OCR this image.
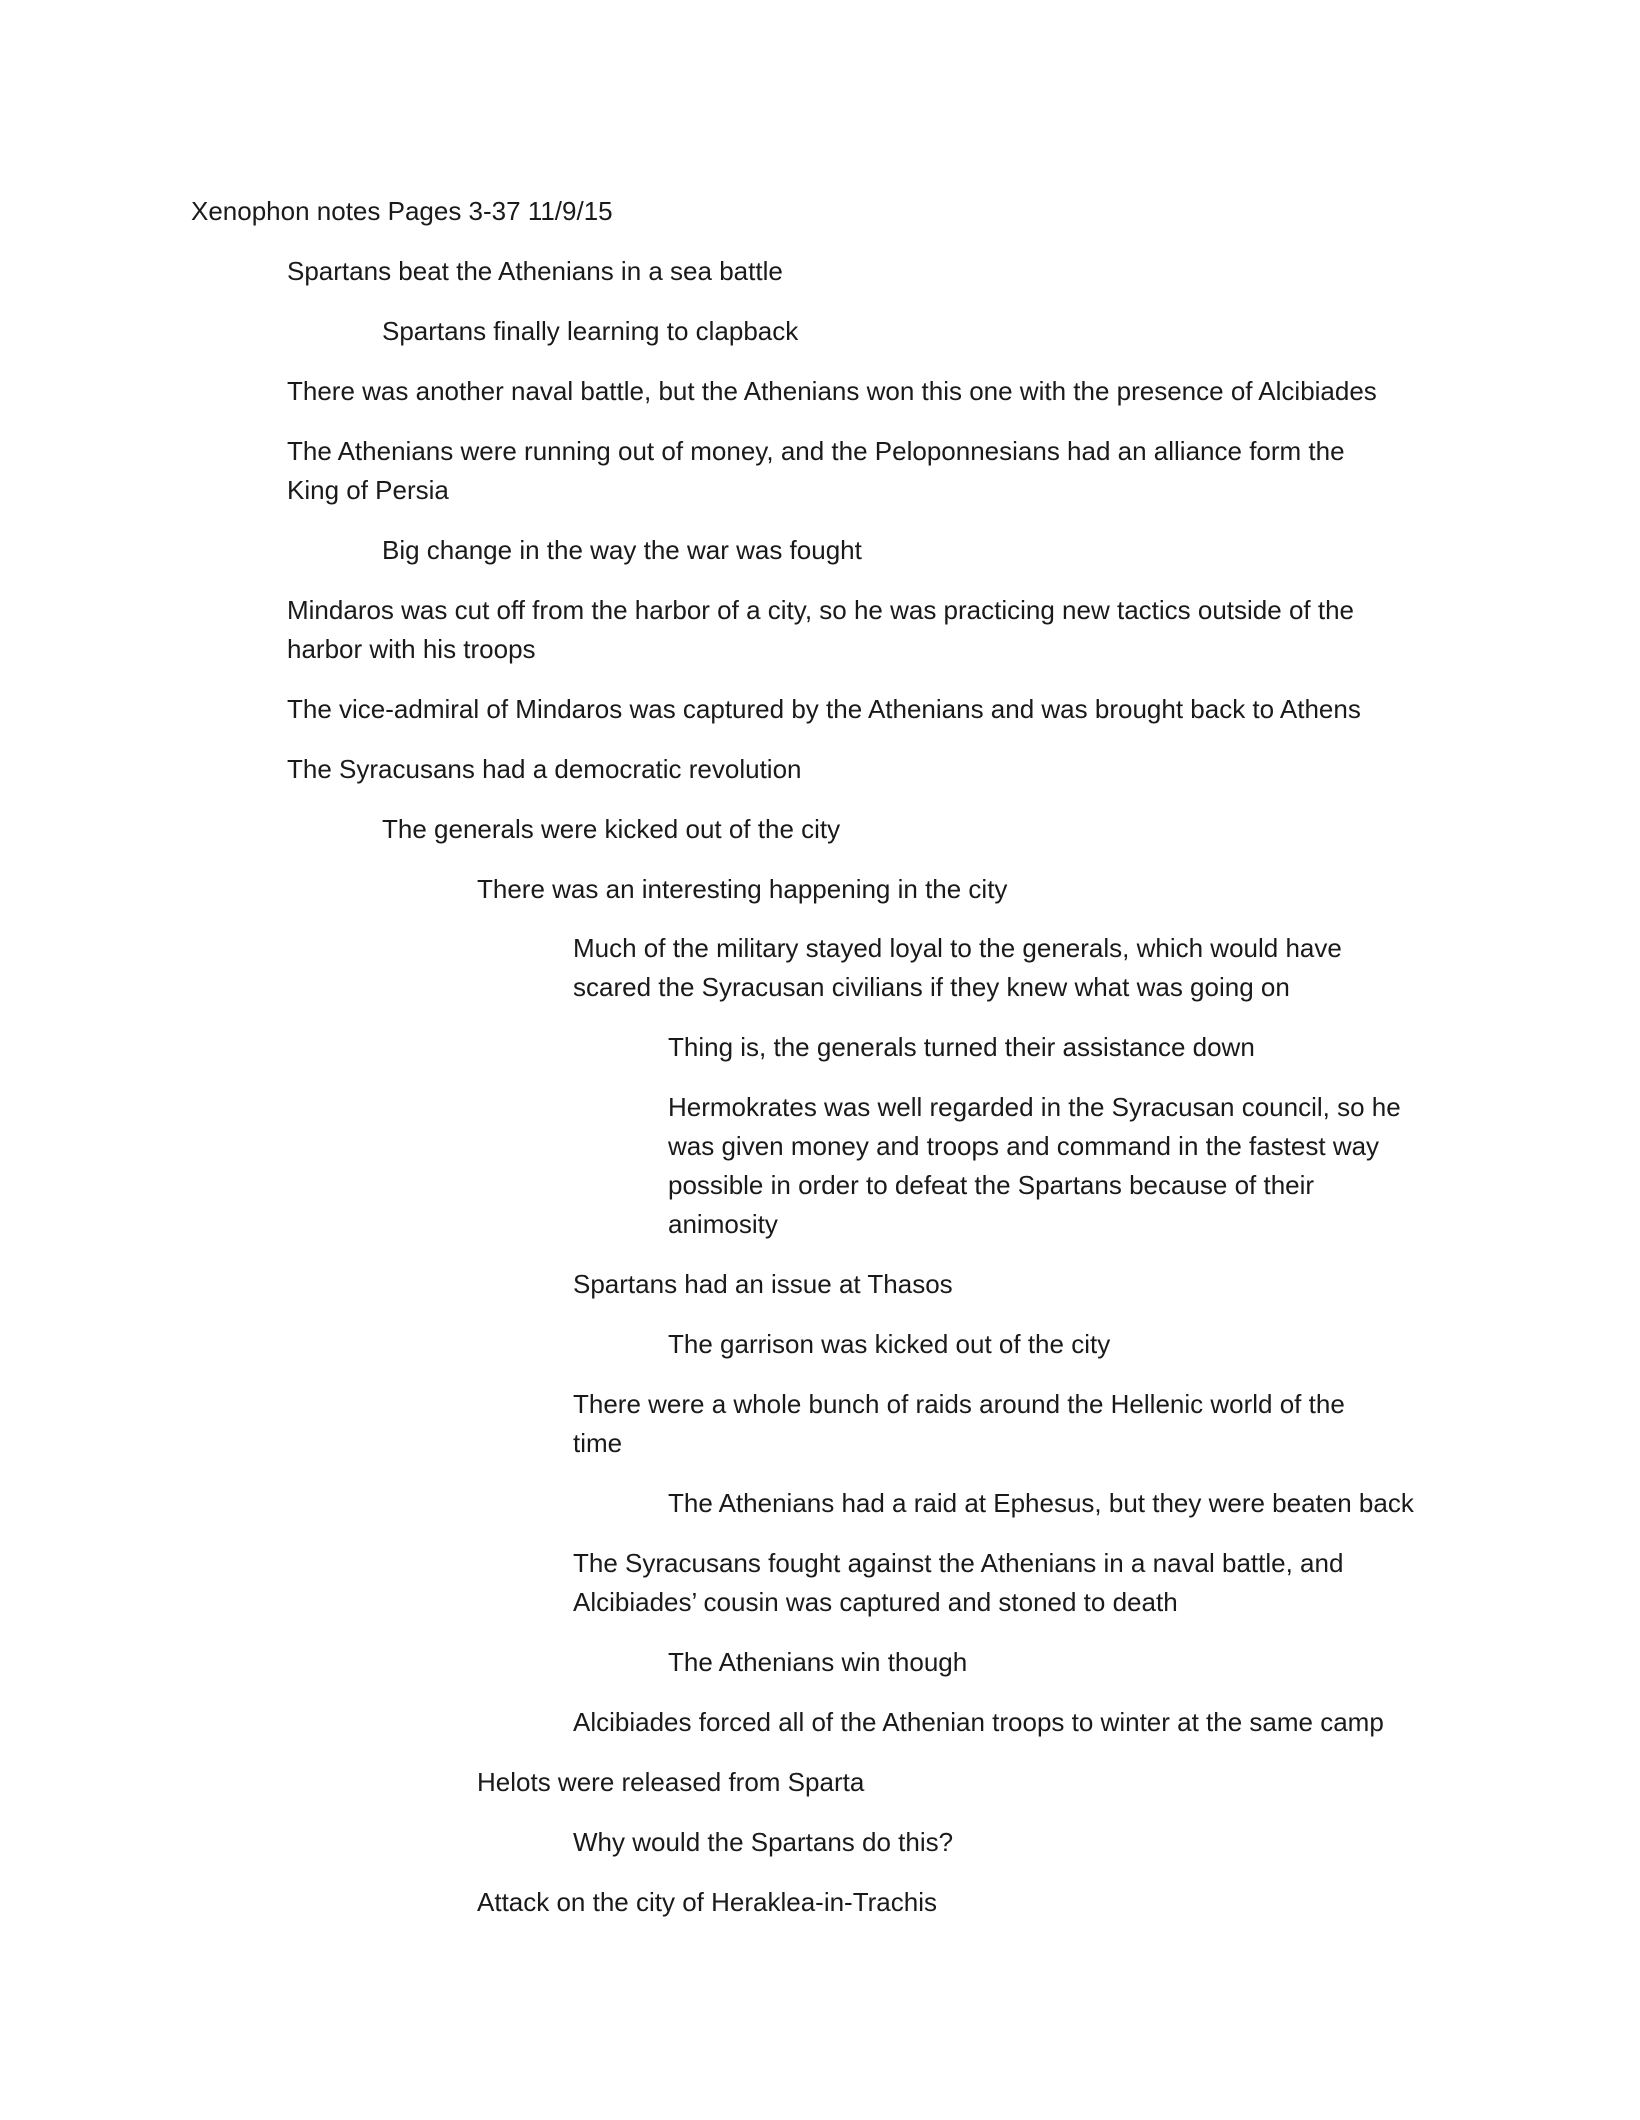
Xenophon notes Pages 3-37 11/9/15

Spartans beat the Athenians in a sea battle

Spartans finally learning to clapback

There was another naval battle, but the Athenians won this one with the presence of Alcibiades

The Athenians were running out of money, and the Peloponnesians had an alliance form the King of Persia

Big change in the way the war was fought

Mindaros was cut off from the harbor of a city, so he was practicing new tactics outside of the harbor with his troops

The vice-admiral of Mindaros was captured by the Athenians and was brought back to Athens

The Syracusans had a democratic revolution

The generals were kicked out of the city

There was an interesting happening in the city

Much of the military stayed loyal to the generals, which would have scared the Syracusan civilians if they knew what was going on

Thing is, the generals turned their assistance down

Hermokrates was well regarded in the Syracusan council, so he was given money and troops and command in the fastest way possible in order to defeat the Spartans because of their animosity

Spartans had an issue at Thasos

The garrison was kicked out of the city

There were a whole bunch of raids around the Hellenic world of the time

The Athenians had a raid at Ephesus, but they were beaten back

The Syracusans fought against the Athenians in a naval battle, and Alcibiades’ cousin was captured and stoned to death

The Athenians win though

Alcibiades forced all of the Athenian troops to winter at the same camp

Helots were released from Sparta

Why would the Spartans do this?

Attack on the city of Heraklea-in-Trachis
